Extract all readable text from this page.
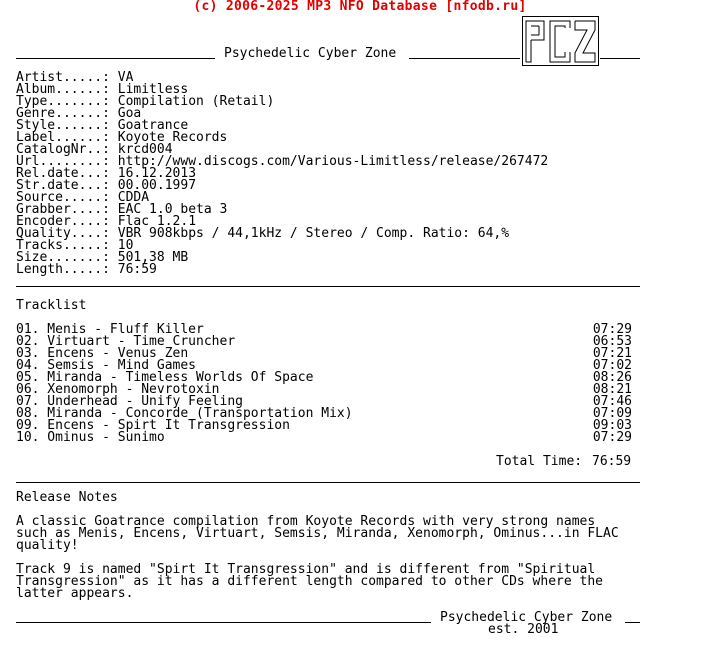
(c) 2006-2025 MP3 NFO Database [nfodb.ru]
Psychedelic Cyber Zone	PCZ
Artist.....: VA
Album......: Limitless
Type.......: Compilation (Retail)
Genre......: Goa
Style......: Goatrance
Label......: Koyote Records
CatalogNr..: krcd004
Url........: http://www.discogs.com/Various-Limitless/release/267472
Rel.date...: 16.12.2013
Str.date...: 00.00.1997
Source.....: CDDA
Grabber....: EAC 1.0 beta 3
Encoder....: Flac 1.2.1
Quality....: VBR 908kbps / 44,1kHz / Stereo / Comp. Ratio: 64,%
Tracks.....: 10
Size.......: 501,38 MB
Length.....: 76:59
Tracklist
01. Menis - Fluff Killer	07:29
02. Virtuart - Time Cruncher	06:53
03. Encens - Venus Zen	07:21
04. Semsis - Mind Games	07:02
05. Miranda - Timeless Worlds Of Space	08:26
06. Xenomorph - Nevrotoxin	08:21
07. Underhead - Unify Feeling	07:46
08. Miranda - Concorde (Transportation Mix)	07:09
09. Encens - Spirt It Transgression	09:03
10. Ominus - Sunimo	07:29
Total Time: 76:59
Release Notes
A classic Goatrance compilation from Koyote Records with very strong names
such as Menis, Encens, Virtuart, Semsis, Miranda, Xenomorph, Ominus...in FLAC
quality!
Track 9 is named "Spirt It Transgression" and is different from "Spiritual
Transgression" as it has a different length compared to other CDs where the
latter appears.
Psychedelic Cyber Zone
est. 2001
